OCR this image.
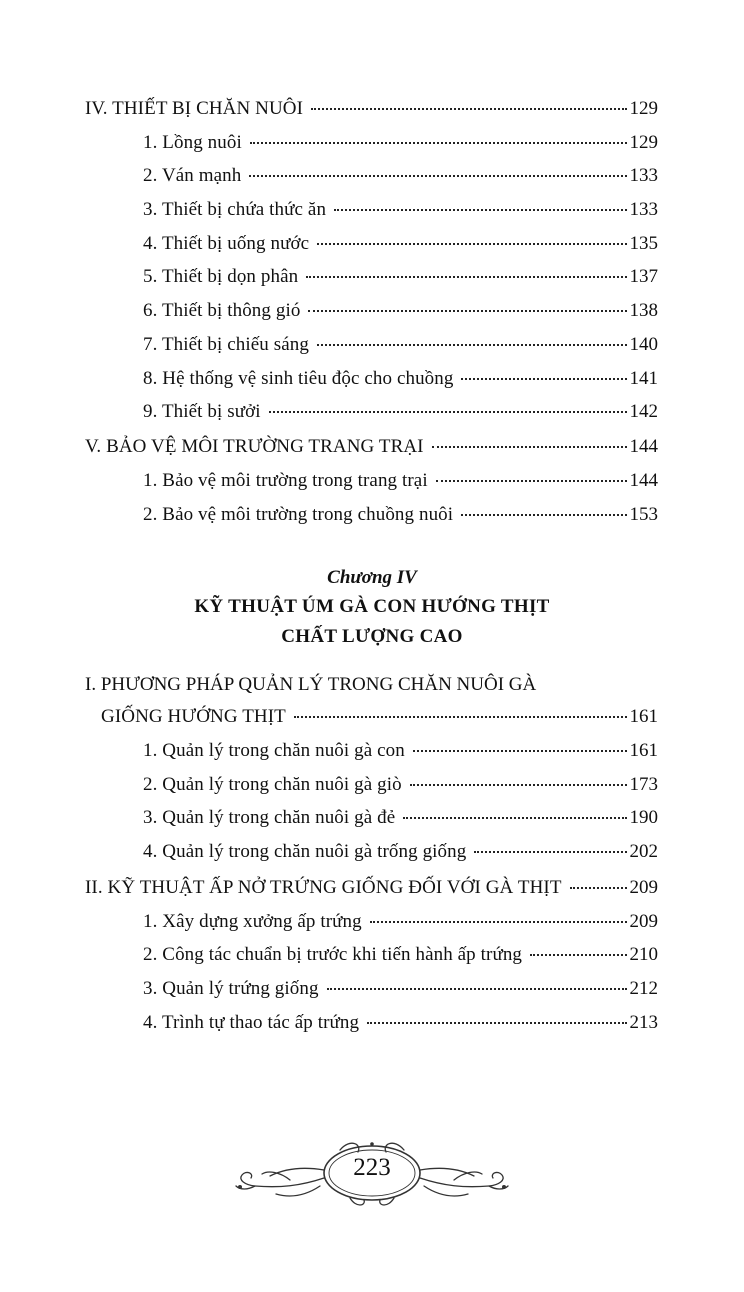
IV. THIẾT BỊ CHĂN NUÔI	129
1. Lồng nuôi	129
2. Ván mạnh	133
3. Thiết bị chứa thức ăn	133
4. Thiết bị uống nước	135
5. Thiết bị dọn phân	137
6. Thiết bị thông gió	138
7. Thiết bị chiếu sáng	140
8. Hệ thống vệ sinh tiêu độc cho chuồng	141
9. Thiết bị sưởi	142
V. BẢO VỆ MÔI TRƯỜNG TRANG TRẠI	144
1. Bảo vệ môi trường trong trang trại	144
2. Bảo vệ môi trường trong chuồng nuôi	153
Chương IV
KỸ THUẬT ÚM GÀ CON HƯỚNG THỊT
CHẤT LƯỢNG CAO
I. PHƯƠNG PHÁP QUẢN LÝ TRONG CHĂN NUÔI GÀ
GIỐNG HƯỚNG THỊT	161
1. Quản lý trong chăn nuôi gà con	161
2. Quản lý trong chăn nuôi gà giò	173
3. Quản lý trong chăn nuôi gà đẻ	190
4. Quản lý trong chăn nuôi gà trống giống	202
II. KỸ THUẬT ẤP NỞ TRỨNG GIỐNG ĐỐI VỚI GÀ THỊT	209
1. Xây dựng xưởng ấp trứng	209
2. Công tác chuẩn bị trước khi tiến hành ấp trứng	210
3. Quản lý trứng giống	212
4. Trình tự thao tác ấp trứng	213
223
